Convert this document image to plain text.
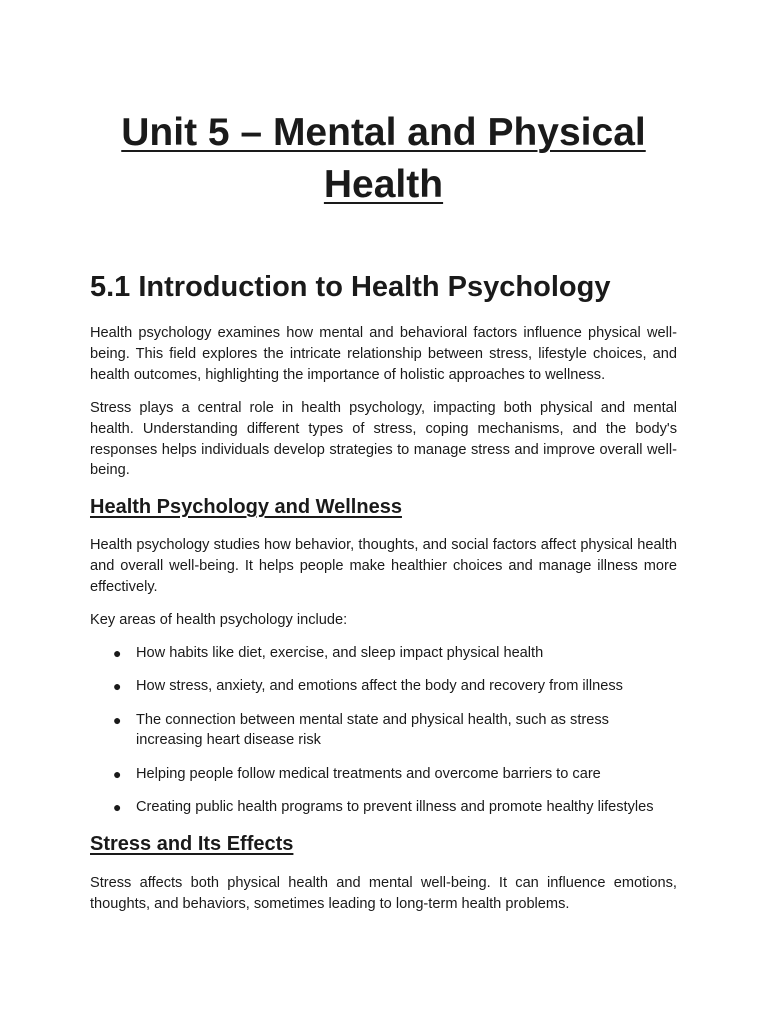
Unit 5 – Mental and Physical Health
5.1 Introduction to Health Psychology

Health psychology examines how mental and behavioral factors influence physical well-being. This field explores the intricate relationship between stress, lifestyle choices, and health outcomes, highlighting the importance of holistic approaches to wellness.

Stress plays a central role in health psychology, impacting both physical and mental health. Understanding different types of stress, coping mechanisms, and the body's responses helps individuals develop strategies to manage stress and improve overall well-being.

Health Psychology and Wellness

Health psychology studies how behavior, thoughts, and social factors affect physical health and overall well-being. It helps people make healthier choices and manage illness more effectively.

Key areas of health psychology include:

● How habits like diet, exercise, and sleep impact physical health
● How stress, anxiety, and emotions affect the body and recovery from illness
● The connection between mental state and physical health, such as stress increasing heart disease risk
● Helping people follow medical treatments and overcome barriers to care
● Creating public health programs to prevent illness and promote healthy lifestyles
Stress and Its Effects

Stress affects both physical health and mental well-being. It can influence emotions, thoughts, and behaviors, sometimes leading to long-term health problems.
